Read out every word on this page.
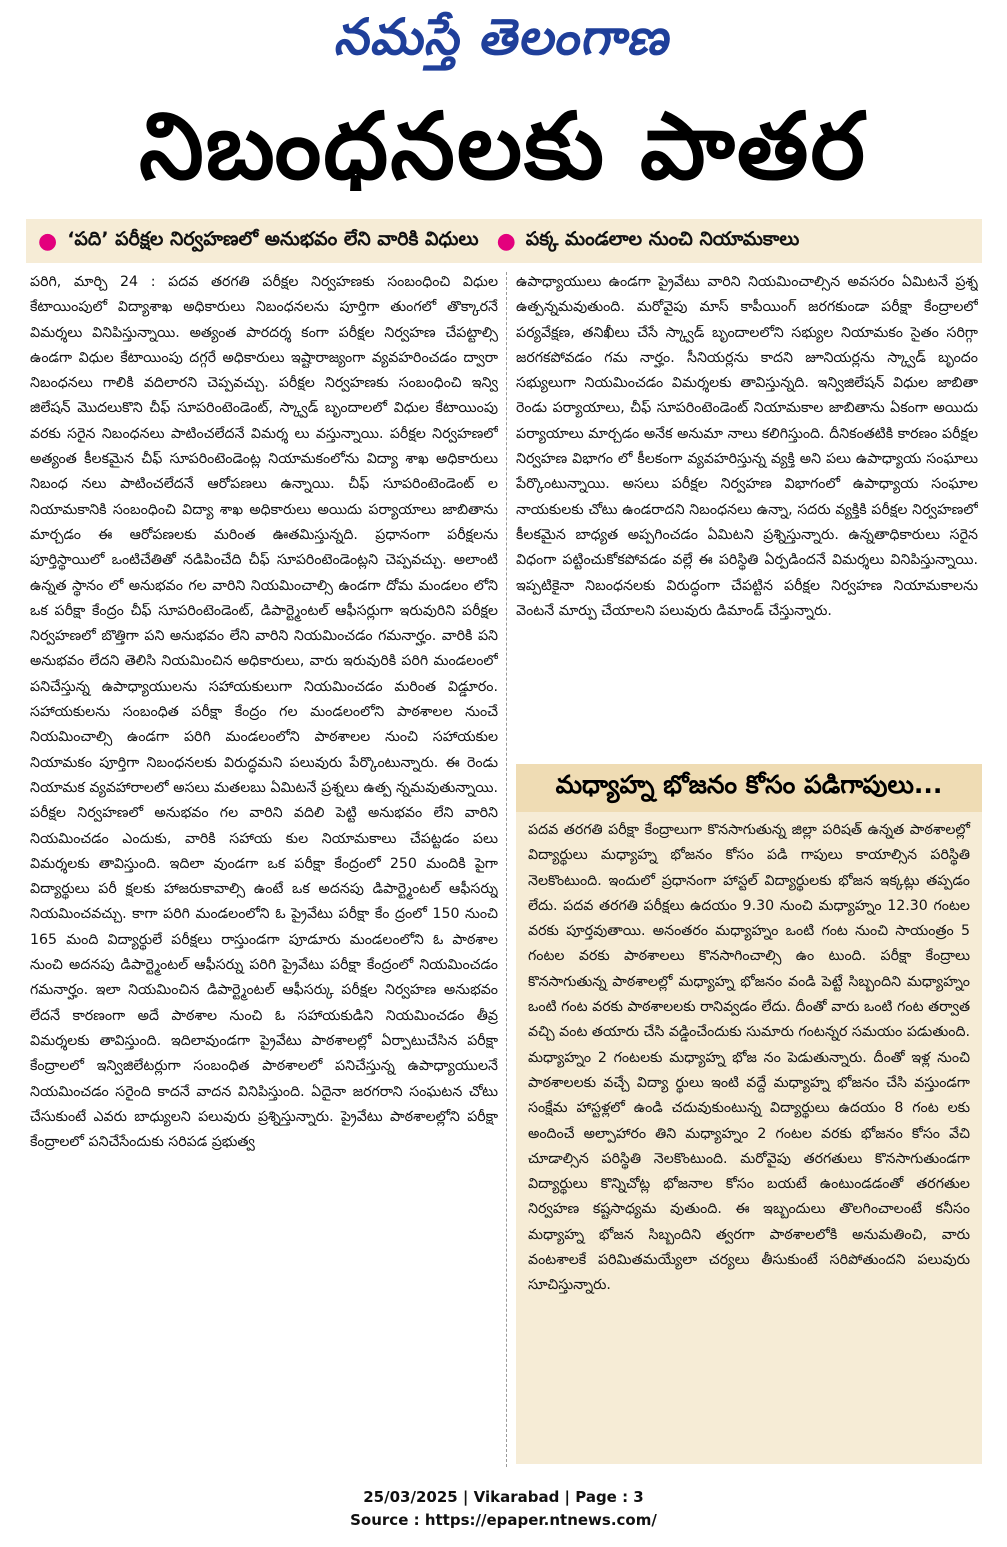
నమస్తే తెలంగాణ
నిబంధనలకు పాతర
● ‘పది’ పరీక్షల నిర్వహణలో అనుభవం లేని వారికి విధులు ● పక్క మండలాల నుంచి నియామకాలు
పరిగి, మార్చి 24 : పదవ తరగతి పరీక్షల నిర్వహణకు సంబంధించి విధుల కేటాయింపులో విద్యాశాఖ అధికారులు నిబంధనలను పూర్తిగా తుంగలో తొక్కారనే విమర్శలు వినిపిస్తున్నాయి. అత్యంత పారదర్శ కంగా పరీక్షల నిర్వహణ చేపట్టాల్సి ఉండగా విధుల కేటాయింపు దగ్గరే అధికారులు ఇష్టారాజ్యంగా వ్యవహరించడం ద్వారా నిబంధనలు గాలికి వదిలారని చెప్పవచ్చు. పరీక్షల నిర్వహణకు సంబంధించి ఇన్వి జిలేషన్ మొదలుకొని చీఫ్ సూపరింటెండెంట్, స్క్వాడ్ బృందాలలో విధుల కేటాయింపు వరకు సరైన నిబంధనలు పాటించలేదనే విమర్శ లు వస్తున్నాయి. పరీక్షల నిర్వహణలో అత్యంత కీలకమైన చీఫ్ సూపరింటెండెంట్ల నియామకంలోను విద్యా శాఖ అధికారులు నిబంధ నలు పాటించలేదనే ఆరోపణలు ఉన్నాయి. చీఫ్ సూపరింటెండెంట్ ల నియామకానికి సంబంధించి విద్యా శాఖ అధికారులు అయిదు పర్యాయాలు జాబితాను మార్చడం ఈ ఆరోపణలకు మరింత ఊతమిస్తున్నది. ప్రధానంగా పరీక్షలను పూర్తిస్థాయిలో ఒంటిచేతితో నడిపించేది చీఫ్ సూపరింటెండెంట్లని చెప్పవచ్చు. అలాంటి ఉన్నత స్థానం లో అనుభవం గల వారిని నియమించాల్సి ఉండగా దోమ మండలం లోని ఒక పరీక్షా కేంద్రం చీఫ్ సూపరింటెండెంట్, డిపార్ట్మెంటల్ ఆఫీసర్లుగా ఇరువురిని పరీక్షల నిర్వహణలో బొత్తిగా పని అనుభవం లేని వారిని నియమించడం గమనార్హం. వారికి పని అనుభవం లేదని తెలిసి నియమించిన అధికారులు, వారు ఇరువురికి పరిగి మండలంలో పనిచేస్తున్న ఉపాధ్యాయులను సహాయకులుగా నియమించడం మరింత విడ్డూరం. సహాయకులను సంబంధిత పరీక్షా కేంద్రం గల మండలంలోని పాఠశాలల నుంచే నియమించాల్సి ఉండగా పరిగి మండలంలోని పాఠశాలల నుంచి సహాయకుల నియామకం పూర్తిగా నిబంధనలకు విరుద్ధమని పలువురు పేర్కొంటున్నారు. ఈ రెండు నియామక వ్యవహారాలలో అసలు మతలబు ఏమిటనే ప్రశ్నలు ఉత్ప న్నమవుతున్నాయి. పరీక్షల నిర్వహణలో అనుభవం గల వారిని వదిలి పెట్టి అనుభవం లేని వారిని నియమించడం ఎందుకు, వారికి సహాయ కుల నియామకాలు చేపట్టడం పలు విమర్శలకు తావిస్తుంది. ఇదిలా వుండగా ఒక పరీక్షా కేంద్రంలో 250 మందికి పైగా విద్యార్థులు పరీ క్షలకు హాజరుకావాల్సి ఉంటే ఒక అదనపు డిపార్ట్మెంటల్ ఆఫీసర్ను నియమించవచ్చు. కాగా పరిగి మండలంలోని ఓ ప్రైవేటు పరీక్షా కేం ద్రంలో 150 నుంచి 165 మంది విద్యార్థులే పరీక్షలు రాస్తుండగా పూడూరు మండలంలోని ఓ పాఠశాల నుంచి అదనపు డిపార్ట్మెంటల్ ఆఫీసర్ను పరిగి ప్రైవేటు పరీక్షా కేంద్రంలో నియమించడం గమనార్హం. ఇలా నియమించిన డిపార్ట్మెంటల్ ఆఫీసర్కు పరీక్షల నిర్వహణ అనుభవం లేదనే కారణంగా అదే పాఠశాల నుంచి ఓ సహాయకుడిని నియమించడం తీవ్ర విమర్శలకు తావిస్తుంది. ఇదిలావుండగా ప్రైవేటు పాఠశాలల్లో ఏర్పాటుచేసిన పరీక్షా కేంద్రాలలో ఇన్విజిలేటర్లుగా సంబంధిత పాఠశాలలో పనిచేస్తున్న ఉపాధ్యాయులనే నియమించడం సరైంది కాదనే వాదన వినిపిస్తుంది. ఏదైనా జరగరాని సంఘటన చోటు చేసుకుంటే ఎవరు బాధ్యులని పలువురు ప్రశ్నిస్తున్నారు. ప్రైవేటు పాఠశాలల్లోని పరీక్షా కేంద్రాలలో పనిచేసేందుకు సరిపడ ప్రభుత్వ
ఉపాధ్యాయులు ఉండగా ప్రైవేటు వారిని నియమించాల్సిన అవసరం ఏమిటనే ప్రశ్న ఉత్పన్నమవుతుంది. మరోవైపు మాస్ కాపీయింగ్ జరగకుండా పరీక్షా కేంద్రాలలో పర్యవేక్షణ, తనిఖీలు చేసే స్క్వాడ్ బృందాలలోని సభ్యుల నియామకం సైతం సరిగ్గా జరగకపోవడం గమ నార్హం. సీనియర్లను కాదని జూనియర్లను స్క్వాడ్ బృందం సభ్యులుగా నియమించడం విమర్శలకు తావిస్తున్నది. ఇన్విజిలేషన్ విధుల జాబితా రెండు పర్యాయాలు, చీఫ్ సూపరింటెండెంట్ నియామకాల జాబితాను ఏకంగా అయిదు పర్యాయాలు మార్చడం అనేక అనుమా నాలు కలిగిస్తుంది. దీనికంతటికి కారణం పరీక్షల నిర్వహణ విభాగం లో కీలకంగా వ్యవహరిస్తున్న వ్యక్తి అని పలు ఉపాధ్యాయ సంఘాలు పేర్కొంటున్నాయి. అసలు పరీక్షల నిర్వహణ విభాగంలో ఉపాధ్యాయ సంఘాల నాయకులకు చోటు ఉండరాదని నిబంధనలు ఉన్నా, సదరు వ్యక్తికి పరీక్షల నిర్వహణలో కీలకమైన బాధ్యత అప్పగించడం ఏమిటని ప్రశ్నిస్తున్నారు. ఉన్నతాధికారులు సరైన విధంగా పట్టించుకోకపోవడం వల్లే ఈ పరిస్థితి ఏర్పడిందనే విమర్శలు వినిపిస్తున్నాయి. ఇప్పటికైనా నిబంధనలకు విరుద్ధంగా చేపట్టిన పరీక్షల నిర్వహణ నియామకాలను వెంటనే మార్పు చేయాలని పలువురు డిమాండ్ చేస్తున్నారు.
మధ్యాహ్న భోజనం కోసం పడిగాపులు...
పదవ తరగతి పరీక్షా కేంద్రాలుగా కొనసాగుతున్న జిల్లా పరిషత్ ఉన్నత పాఠశాలల్లో విద్యార్థులు మధ్యాహ్న భోజనం కోసం పడి గాపులు కాయాల్సిన పరిస్థితి నెలకొంటుంది. ఇందులో ప్రధానంగా హాస్టల్ విద్యార్థులకు భోజన ఇక్కట్లు తప్పడం లేదు. పదవ తరగతి పరీక్షలు ఉదయం 9.30 నుంచి మధ్యాహ్నం 12.30 గంటల వరకు పూర్తవుతాయి. అనంతరం మధ్యాహ్నం ఒంటి గంట నుంచి సాయంత్రం 5 గంటల వరకు పాఠశాలలు కొనసాగించాల్సి ఉం టుంది. పరీక్షా కేంద్రాలు కొనసాగుతున్న పాఠశాలల్లో మధ్యాహ్న భోజనం వండి పెట్టే సిబ్బందిని మధ్యాహ్నం ఒంటి గంట వరకు పాఠశాలలకు రానివ్వడం లేదు. దీంతో వారు ఒంటి గంట తర్వాత వచ్చి వంట తయారు చేసి వడ్డించేందుకు సుమారు గంటన్నర సమయం పడుతుంది. మధ్యాహ్నం 2 గంటలకు మధ్యాహ్న భోజ నం పెడుతున్నారు. దీంతో ఇళ్ల నుంచి పాఠశాలలకు వచ్చే విద్యా ర్థులు ఇంటి వద్దే మధ్యాహ్న భోజనం చేసి వస్తుండగా సంక్షేమ హాస్టళ్లలో ఉండి చదువుకుంటున్న విద్యార్థులు ఉదయం 8 గంట లకు అందించే అల్పాహారం తిని మధ్యాహ్నం 2 గంటల వరకు భోజనం కోసం వేచి చూడాల్సిన పరిస్థితి నెలకొంటుంది. మరోవైపు తరగతులు కొనసాగుతుండగా విద్యార్థులు కొన్నిచోట్ల భోజనాల కోసం బయటే ఉంటుండడంతో తరగతుల నిర్వహణ కష్టసాధ్యమ వుతుంది. ఈ ఇబ్బందులు తొలగించాలంటే కనీసం మధ్యాహ్న భోజన సిబ్బందిని త్వరగా పాఠశాలలోకి అనుమతించి, వారు వంటశాలకే పరిమితమయ్యేలా చర్యలు తీసుకుంటే సరిపోతుందని పలువురు సూచిస్తున్నారు.
25/03/2025 | Vikarabad | Page : 3
Source : https://epaper.ntnews.com/
